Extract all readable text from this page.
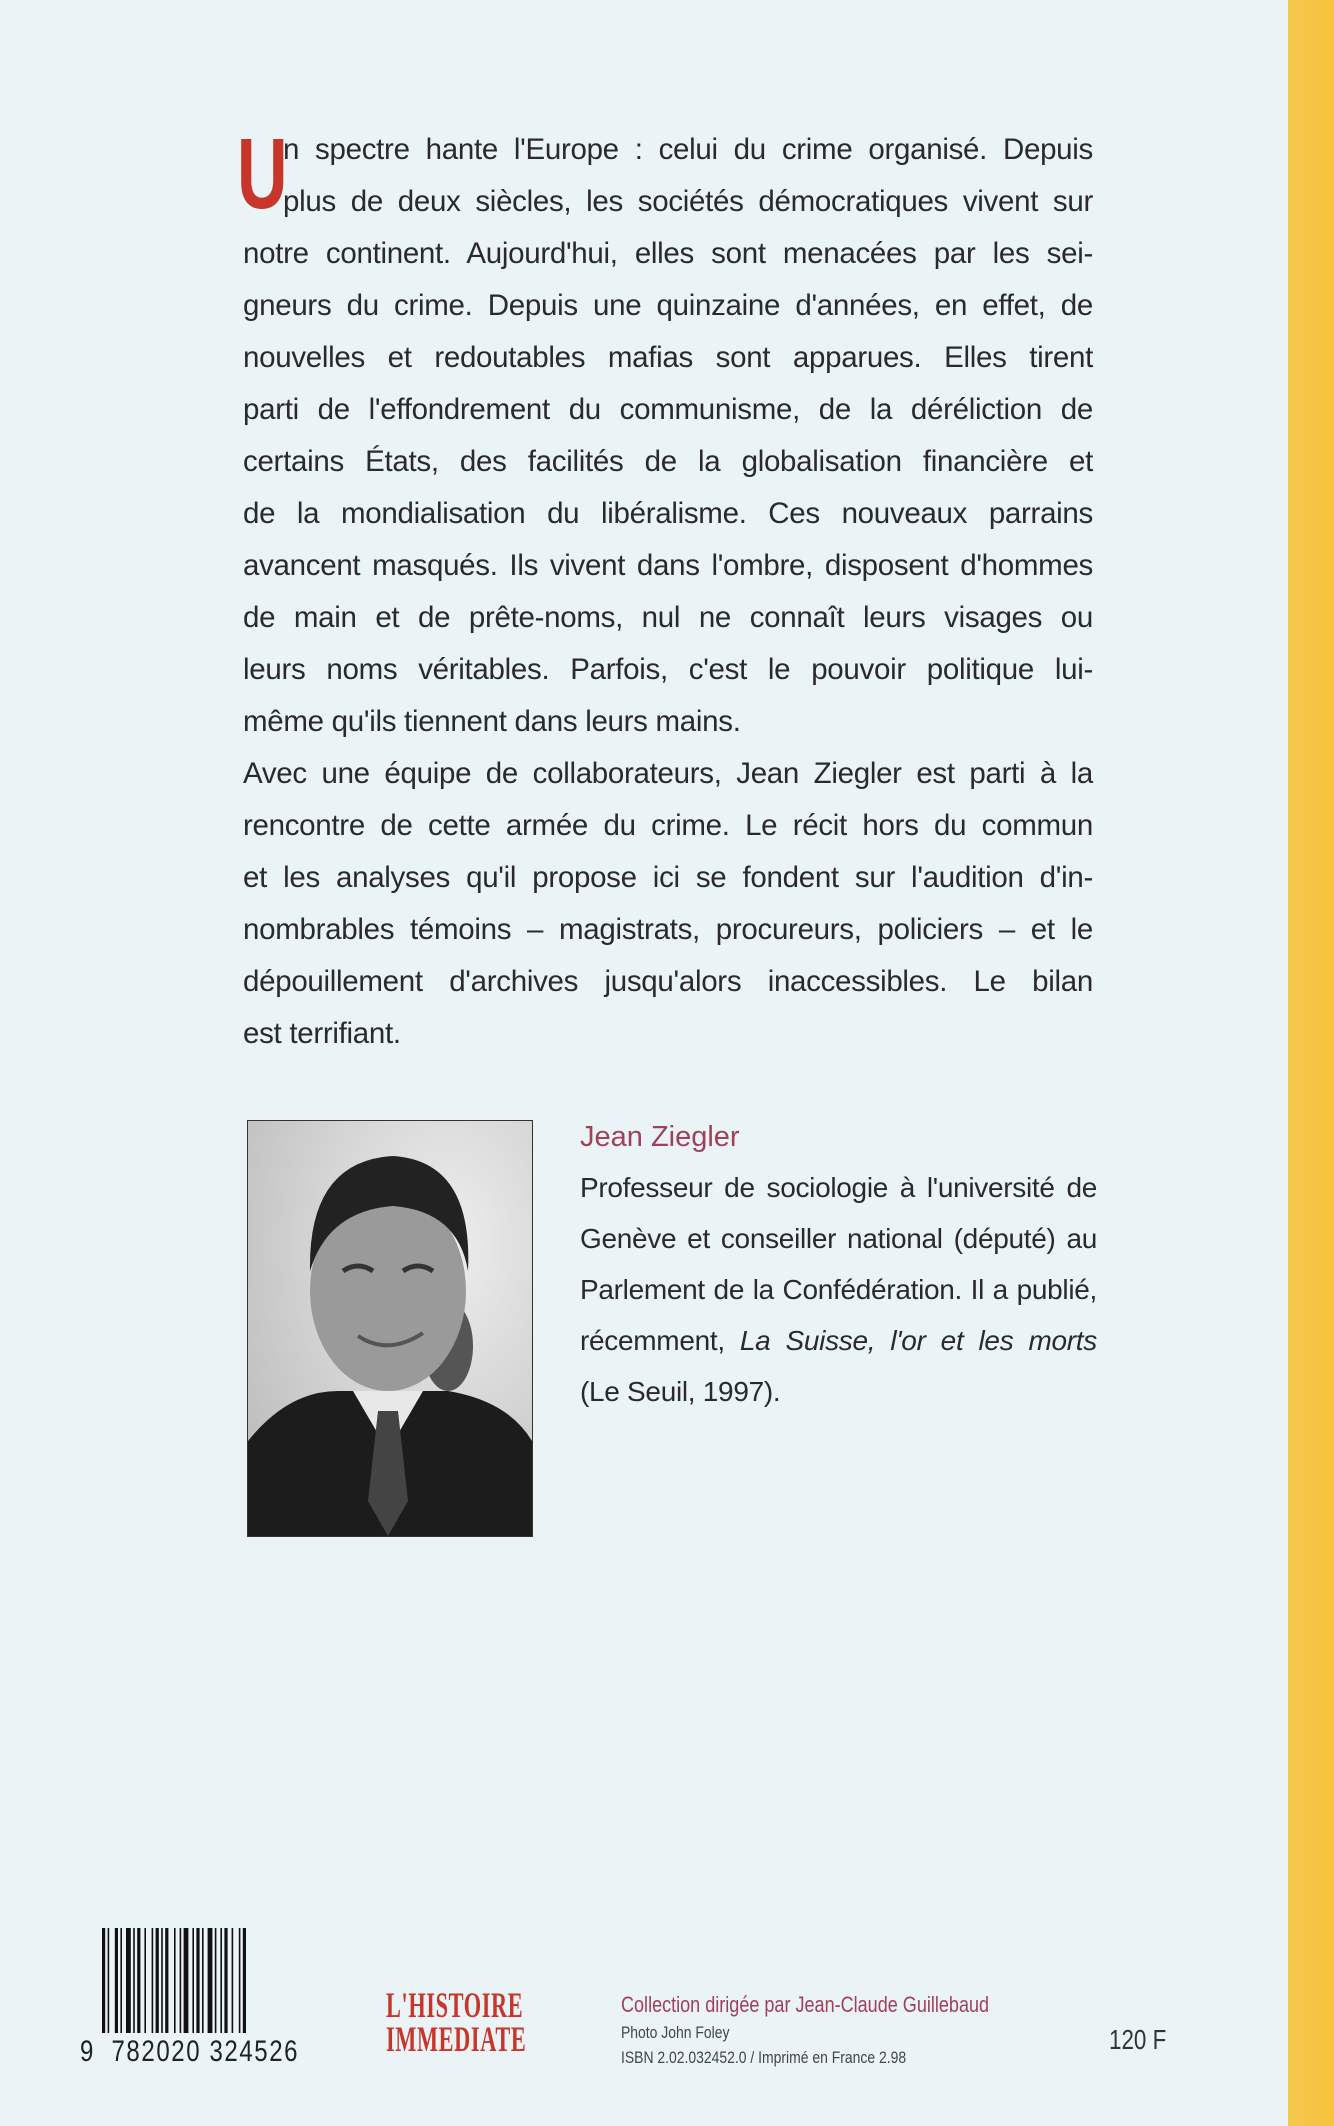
U
n spectre hante l'Europe : celui du crime organisé. Depuis
plus de deux siècles, les sociétés démocratiques vivent sur
notre continent. Aujourd'hui, elles sont menacées par les sei-
gneurs du crime. Depuis une quinzaine d'années, en effet, de
nouvelles et redoutables mafias sont apparues. Elles tirent
parti de l'effondrement du communisme, de la déréliction de
certains États, des facilités de la globalisation financière et
de la mondialisation du libéralisme. Ces nouveaux parrains
avancent masqués. Ils vivent dans l'ombre, disposent d'hommes
de main et de prête-noms, nul ne connaît leurs visages ou
leurs noms véritables. Parfois, c'est le pouvoir politique lui-
même qu'ils tiennent dans leurs mains.
Avec une équipe de collaborateurs, Jean Ziegler est parti à la
rencontre de cette armée du crime. Le récit hors du commun
et les analyses qu'il propose ici se fondent sur l'audition d'in-
nombrables témoins – magistrats, procureurs, policiers – et le
dépouillement d'archives jusqu'alors inaccessibles. Le bilan
est terrifiant.
Jean Ziegler
Professeur de sociologie à l'université de
Genève et conseiller national (député) au
Parlement de la Confédération. Il a publié,
récemment, La Suisse, l'or et les morts
(Le Seuil, 1997).
9 782020 324526
L'HISTOIRE
IMMEDIATE
Collection dirigée par Jean-Claude Guillebaud
Photo John Foley
ISBN 2.02.032452.0 / Imprimé en France 2.98
120 F
